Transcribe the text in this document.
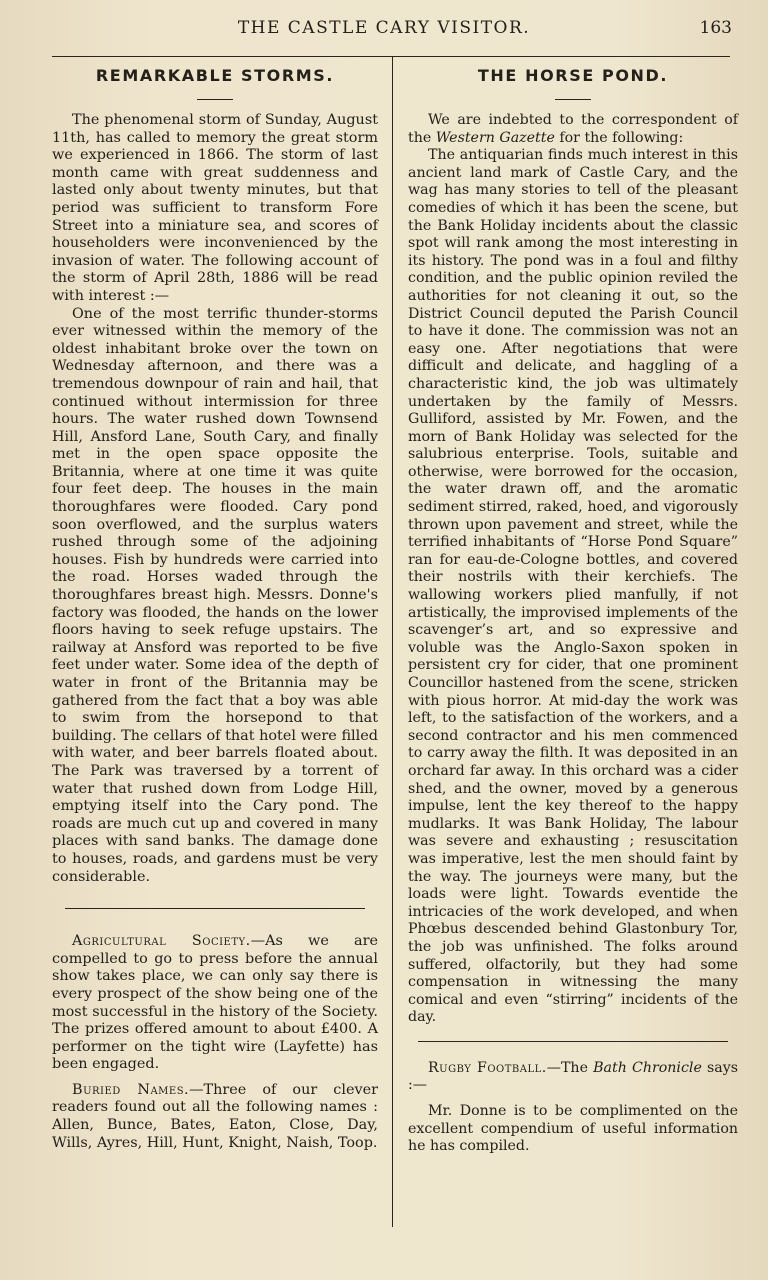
THE CASTLE CARY VISITOR.	163
REMARKABLE STORMS.

The phenomenal storm of Sunday, August 11th, has called to memory the great storm we experienced in 1866. The storm of last month came with great suddenness and lasted only about twenty minutes, but that period was sufficient to transform Fore Street into a miniature sea, and scores of householders were inconvenienced by the invasion of water. The following account of the storm of April 28th, 1886 will be read with interest :—

One of the most terrific thunder-storms ever witnessed within the memory of the oldest inhabitant broke over the town on Wednesday afternoon, and there was a tremendous downpour of rain and hail, that continued without intermission for three hours. The water rushed down Townsend Hill, Ansford Lane, South Cary, and finally met in the open space opposite the Britannia, where at one time it was quite four feet deep. The houses in the main thoroughfares were flooded. Cary pond soon overflowed, and the surplus waters rushed through some of the adjoining houses. Fish by hundreds were carried into the road. Horses waded through the thoroughfares breast high. Messrs. Donne's factory was flooded, the hands on the lower floors having to seek refuge upstairs. The railway at Ansford was reported to be five feet under water. Some idea of the depth of water in front of the Britannia may be gathered from the fact that a boy was able to swim from the horsepond to that building. The cellars of that hotel were filled with water, and beer barrels floated about. The Park was traversed by a torrent of water that rushed down from Lodge Hill, emptying itself into the Cary pond. The roads are much cut up and covered in many places with sand banks. The damage done to houses, roads, and gardens must be very considerable.

Agricultural Society.—As we are compelled to go to press before the annual show takes place, we can only say there is every prospect of the show being one of the most successful in the history of the Society. The prizes offered amount to about £400. A performer on the tight wire (Layfette) has been engaged.

Buried Names.—Three of our clever readers found out all the following names : Allen, Bunce, Bates, Eaton, Close, Day, Wills, Ayres, Hill, Hunt, Knight, Naish, Toop.

THE HORSE POND.

We are indebted to the correspondent of the Western Gazette for the following:

The antiquarian finds much interest in this ancient land mark of Castle Cary, and the wag has many stories to tell of the pleasant comedies of which it has been the scene, but the Bank Holiday incidents about the classic spot will rank among the most interesting in its history. The pond was in a foul and filthy condition, and the public opinion reviled the authorities for not cleaning it out, so the District Council deputed the Parish Council to have it done. The commission was not an easy one. After negotiations that were difficult and delicate, and haggling of a characteristic kind, the job was ultimately undertaken by the family of Messrs. Gulliford, assisted by Mr. Fowen, and the morn of Bank Holiday was selected for the salubrious enterprise. Tools, suitable and otherwise, were borrowed for the occasion, the water drawn off, and the aromatic sediment stirred, raked, hoed, and vigorously thrown upon pavement and street, while the terrified inhabitants of “Horse Pond Square” ran for eau-de-Cologne bottles, and covered their nostrils with their kerchiefs. The wallowing workers plied manfully, if not artistically, the improvised implements of the scavenger’s art, and so expressive and voluble was the Anglo-Saxon spoken in persistent cry for cider, that one prominent Councillor hastened from the scene, stricken with pious horror. At mid-day the work was left, to the satisfaction of the workers, and a second contractor and his men commenced to carry away the filth. It was deposited in an orchard far away. In this orchard was a cider shed, and the owner, moved by a generous impulse, lent the key thereof to the happy mudlarks. It was Bank Holiday, The labour was severe and exhausting ; resuscitation was imperative, lest the men should faint by the way. The journeys were many, but the loads were light. Towards eventide the intricacies of the work developed, and when Phœbus descended behind Glastonbury Tor, the job was unfinished. The folks around suffered, olfactorily, but they had some compensation in witnessing the many comical and even “stirring” incidents of the day.

Rugby Football.—The Bath Chronicle says :—

Mr. Donne is to be complimented on the excellent compendium of useful information he has compiled.
